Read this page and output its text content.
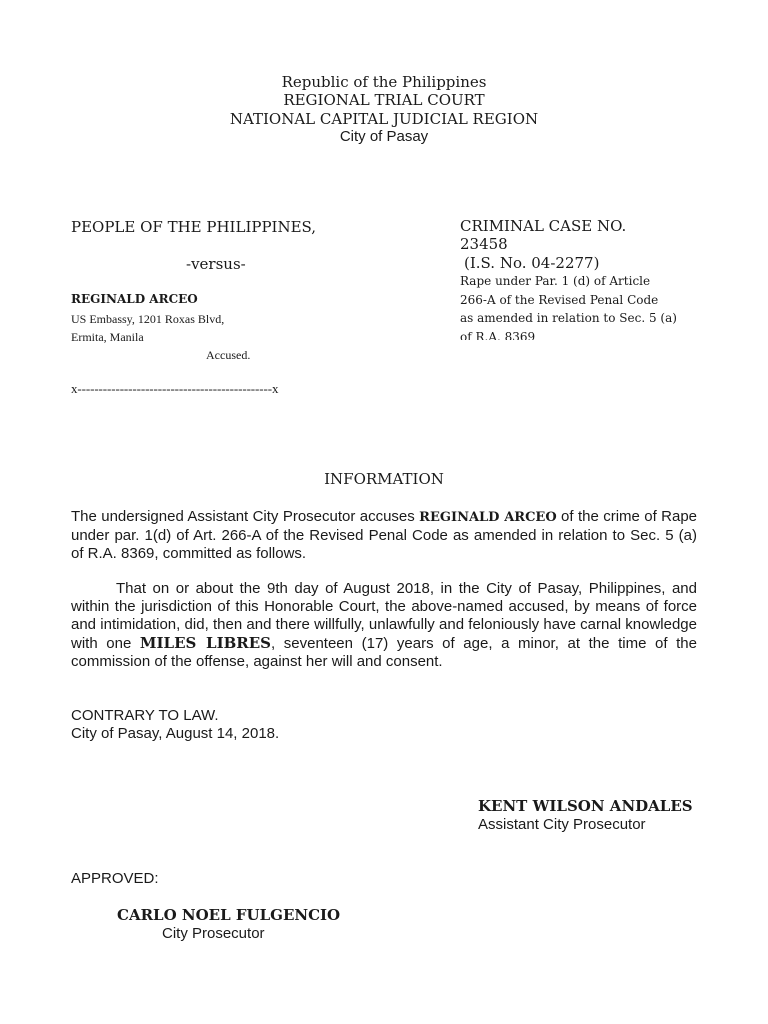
Republic of the Philippines
REGIONAL TRIAL COURT
NATIONAL CAPITAL JUDICIAL REGION
City of Pasay
PEOPLE OF THE PHILIPPINES,
-versus-
REGINALD ARCEO
US Embassy, 1201 Roxas Blvd,
Ermita, Manila
Accused.
CRIMINAL CASE NO.
23458
(I.S. No. 04-2277)
Rape under Par. 1 (d) of Article
266-A of the Revised Penal Code
as amended in relation to Sec. 5 (a)
of R.A. 8369
x----------------------------------------------x
INFORMATION
The undersigned Assistant City Prosecutor accuses REGINALD ARCEO of the crime of Rape under par. 1(d) of Art. 266-A of the Revised Penal Code as amended in relation to Sec. 5 (a) of R.A. 8369, committed as follows.
That on or about the 9th day of August 2018, in the City of Pasay, Philippines, and within the jurisdiction of this Honorable Court, the above-named accused, by means of force and intimidation, did, then and there willfully, unlawfully and feloniously have carnal knowledge with one MILES LIBRES, seventeen (17) years of age, a minor, at the time of the commission of the offense, against her will and consent.
CONTRARY TO LAW.
City of Pasay, August 14, 2018.
KENT WILSON ANDALES
Assistant City Prosecutor
APPROVED:
CARLO NOEL FULGENCIO
City Prosecutor
